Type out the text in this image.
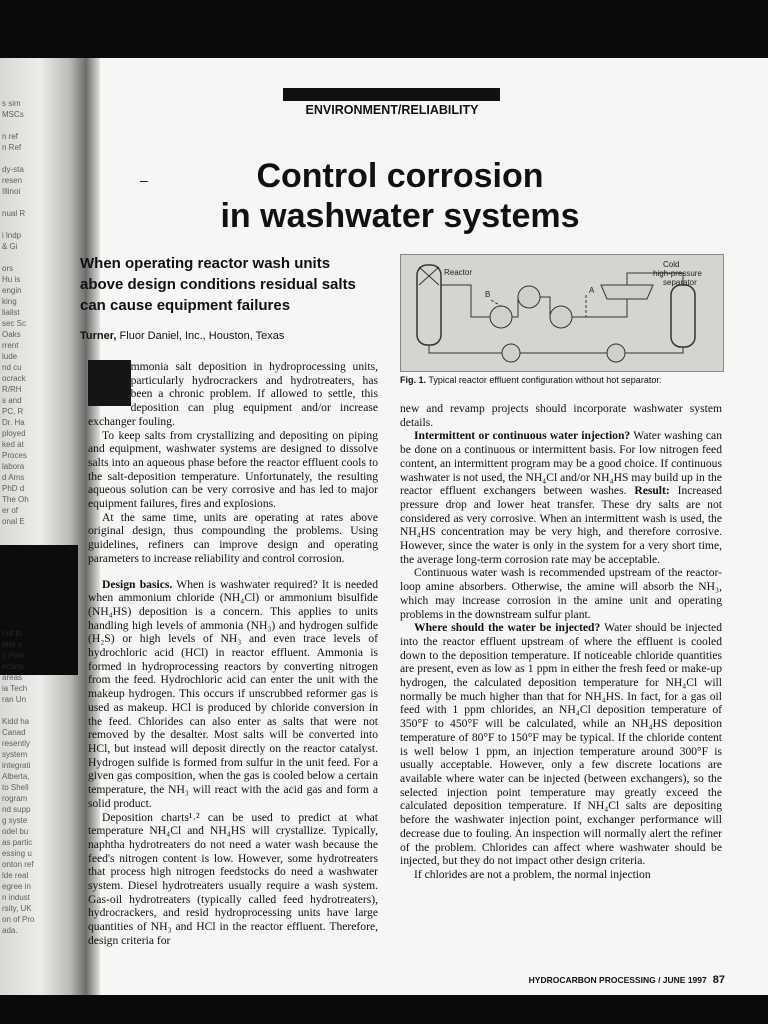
s sim
MSCs

n ref
n Ref

dy-sta
resen
Illinoi

nual R

i lndp
& Gi
ors
Hu is
engin
king
lialist
sec Sc
Oaks
rrent
lude
nd cu
ocrack
R/RH
s and
PC, R
Dr. Ha
ployed
ked at
Proces
labora
d Ams
PhD d
The Oh
er of
onal E
t of th
ater s
r, Pow
econo
areas
ia Tech
ran Un

Kidd ha
Canad
resently
system
integrati
Alberta,
to Shell
rogram
nd supp
g syste
odel bu
as partic
essing u
onton ref
lde real
egree in
n indust
rsity, UK
on of Pro
ada.
ENVIRONMENT/RELIABILITY
‒	Control corrosion
in washwater systems
When operating reactor wash units
above design conditions residual salts
can cause equipment failures
Turner, Fluor Daniel, Inc., Houston, Texas
Reactor
Cold
high-pressure
separator
A
B
Fig. 1. Typical reactor effluent configuration without hot separator.

A mmonia salt deposition in hydroprocessing units, particularly hydrocrackers and hydrotreaters, has been a chronic problem. If allowed to settle, this deposition can plug equipment and/or increase exchanger fouling.

To keep salts from crystallizing and depositing on piping and equipment, washwater systems are designed to dissolve salts into an aqueous phase before the reactor effluent cools to the salt-deposition temperature. Unfortunately, the resulting aqueous solution can be very corrosive and has led to major equipment failures, fires and explosions.

At the same time, units are operating at rates above original design, thus compounding the problems. Using guidelines, refiners can improve design and operating parameters to increase reliability and control corrosion.

Design basics. When is washwater required? It is needed when ammonium chloride (NH₄Cl) or ammonium bisulfide (NH₄HS) deposition is a concern. This applies to units handling high levels of ammonia (NH₃) and hydrogen sulfide (H₂S) or high levels of NH₃ and even trace levels of hydrochloric acid (HCl) in reactor effluent. Ammonia is formed in hydroprocessing reactors by converting nitrogen from the feed. Hydrochloric acid can enter the unit with the makeup hydrogen. This occurs if unscrubbed reformer gas is used as makeup. HCl is produced by chloride conversion in the feed. Chlorides can also enter as salts that were not removed by the desalter. Most salts will be converted into HCl, but instead will deposit directly on the reactor catalyst. Hydrogen sulfide is formed from sulfur in the unit feed. For a given gas composition, when the gas is cooled below a certain temperature, the NH₃ will react with the acid gas and form a solid product.

Deposition charts¹˒² can be used to predict at what temperature NH₄Cl and NH₄HS will crystallize. Typically, naphtha hydrotreaters do not need a water wash because the feed's nitrogen content is low. However, some hydrotreaters that process high nitrogen feedstocks do need a washwater system. Diesel hydrotreaters usually require a wash system. Gas-oil hydrotreaters (typically called feed hydrotreaters), hydrocrackers, and resid hydroprocessing units have large quantities of NH₃ and HCl in the reactor effluent. Therefore, design criteria for

new and revamp projects should incorporate washwater system details.

Intermittent or continuous water injection? Water washing can be done on a continuous or intermittent basis. For low nitrogen feed content, an intermittent program may be a good choice. If continuous washwater is not used, the NH₄Cl and/or NH₄HS may build up in the reactor effluent exchangers between washes. Result: Increased pressure drop and lower heat transfer. These dry salts are not considered as very corrosive. When an intermittent wash is used, the NH₄HS concentration may be very high, and therefore corrosive. However, since the water is only in the system for a very short time, the average long-term corrosion rate may be acceptable.

Continuous water wash is recommended upstream of the reactor-loop amine absorbers. Otherwise, the amine will absorb the NH₃, which may increase corrosion in the amine unit and operating problems in the downstream sulfur plant.

Where should the water be injected? Water should be injected into the reactor effluent upstream of where the effluent is cooled down to the deposition temperature. If noticeable chloride quantities are present, even as low as 1 ppm in either the fresh feed or make-up hydrogen, the calculated deposition temperature for NH₄Cl will normally be much higher than that for NH₄HS. In fact, for a gas oil feed with 1 ppm chlorides, an NH₄Cl deposition temperature of 350°F to 450°F will be calculated, while an NH₄HS deposition temperature of 80°F to 150°F may be typical. If the chloride content is well below 1 ppm, an injection temperature around 300°F is usually acceptable. However, only a few discrete locations are available where water can be injected (between exchangers), so the selected injection point temperature may greatly exceed the calculated deposition temperature. If NH₄Cl salts are depositing before the washwater injection point, exchanger performance will decrease due to fouling. An inspection will normally alert the refiner of the problem. Chlorides can affect where washwater should be injected, but they do not impact other design criteria.

If chlorides are not a problem, the normal injection

HYDROCARBON PROCESSING / JUNE 1997 87
